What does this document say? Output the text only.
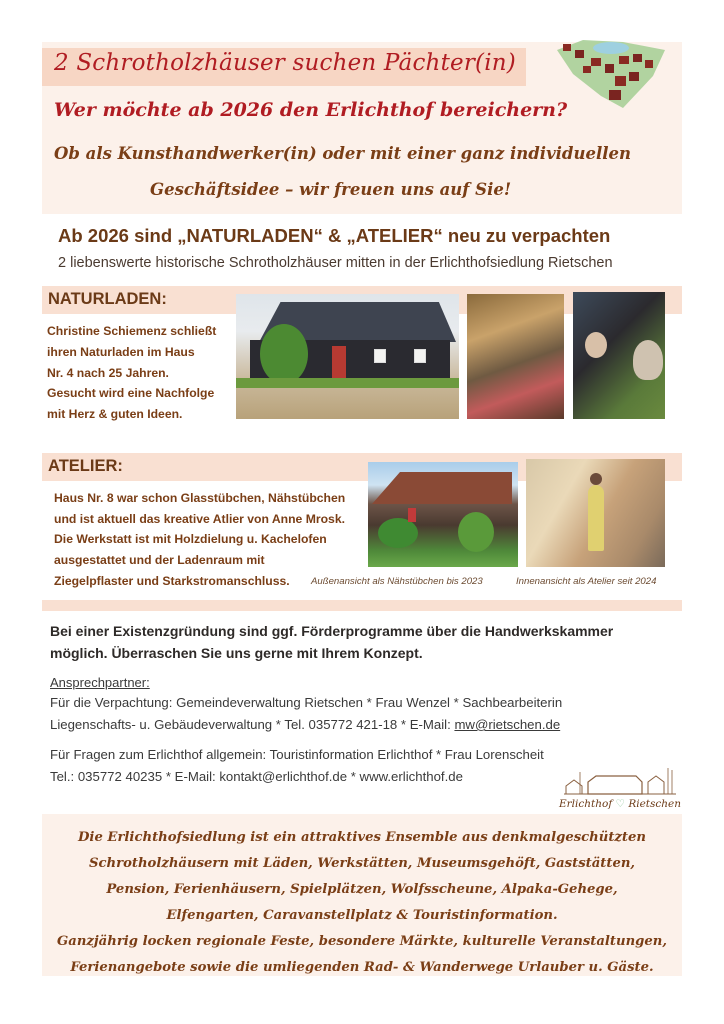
2 Schrotholzhäuser suchen Pächter(in)
Wer möchte ab 2026 den Erlichthof bereichern?
Ob als Kunsthandwerker(in) oder mit einer ganz individuellen
Geschäftsidee – wir freuen uns auf Sie!
Ab 2026 sind „NATURLADEN“ & „ATELIER“ neu zu verpachten
2 liebenswerte historische Schrotholzhäuser mitten in der Erlichthofsiedlung Rietschen
NATURLADEN:
Christine Schiemenz schließt
ihren Naturladen im Haus
Nr. 4 nach 25 Jahren.
Gesucht wird eine Nachfolge
mit Herz & guten Ideen.
ATELIER:
Haus Nr. 8 war schon Glasstübchen, Nähstübchen
und ist aktuell das kreative Atlier von Anne Mrosk.
Die Werkstatt ist mit Holzdielung u. Kachelofen
ausgestattet und der Ladenraum mit
Ziegelpflaster und Starkstromanschluss.	Außenansicht als Nähstübchen bis 2023	Innenansicht als Atelier seit 2024
Bei einer Existenzgründung sind ggf. Förderprogramme über die Handwerkskammer
möglich. Überraschen Sie uns gerne mit Ihrem Konzept.
Ansprechpartner:
Für die Verpachtung: Gemeindeverwaltung Rietschen * Frau Wenzel * Sachbearbeiterin
Liegenschafts- u. Gebäudeverwaltung * Tel. 035772 421-18 * E-Mail: mw@rietschen.de
Für Fragen zum Erlichthof allgemein: Touristinformation Erlichthof * Frau Lorenscheit
Tel.: 035772 40235 * E-Mail: kontakt@erlichthof.de * www.erlichthof.de
Erlichthof ♡ Rietschen
Die Erlichthofsiedlung ist ein attraktives Ensemble aus denkmalgeschützten
Schrotholzhäusern mit Läden, Werkstätten, Museumsgehöft, Gaststätten,
Pension, Ferienhäusern, Spielplätzen, Wolfsscheune, Alpaka-Gehege,
Elfengarten, Caravanstellplatz & Touristinformation.
Ganzjährig locken regionale Feste, besondere Märkte, kulturelle Veranstaltungen,
Ferienangebote sowie die umliegenden Rad- & Wanderwege Urlauber u. Gäste.
